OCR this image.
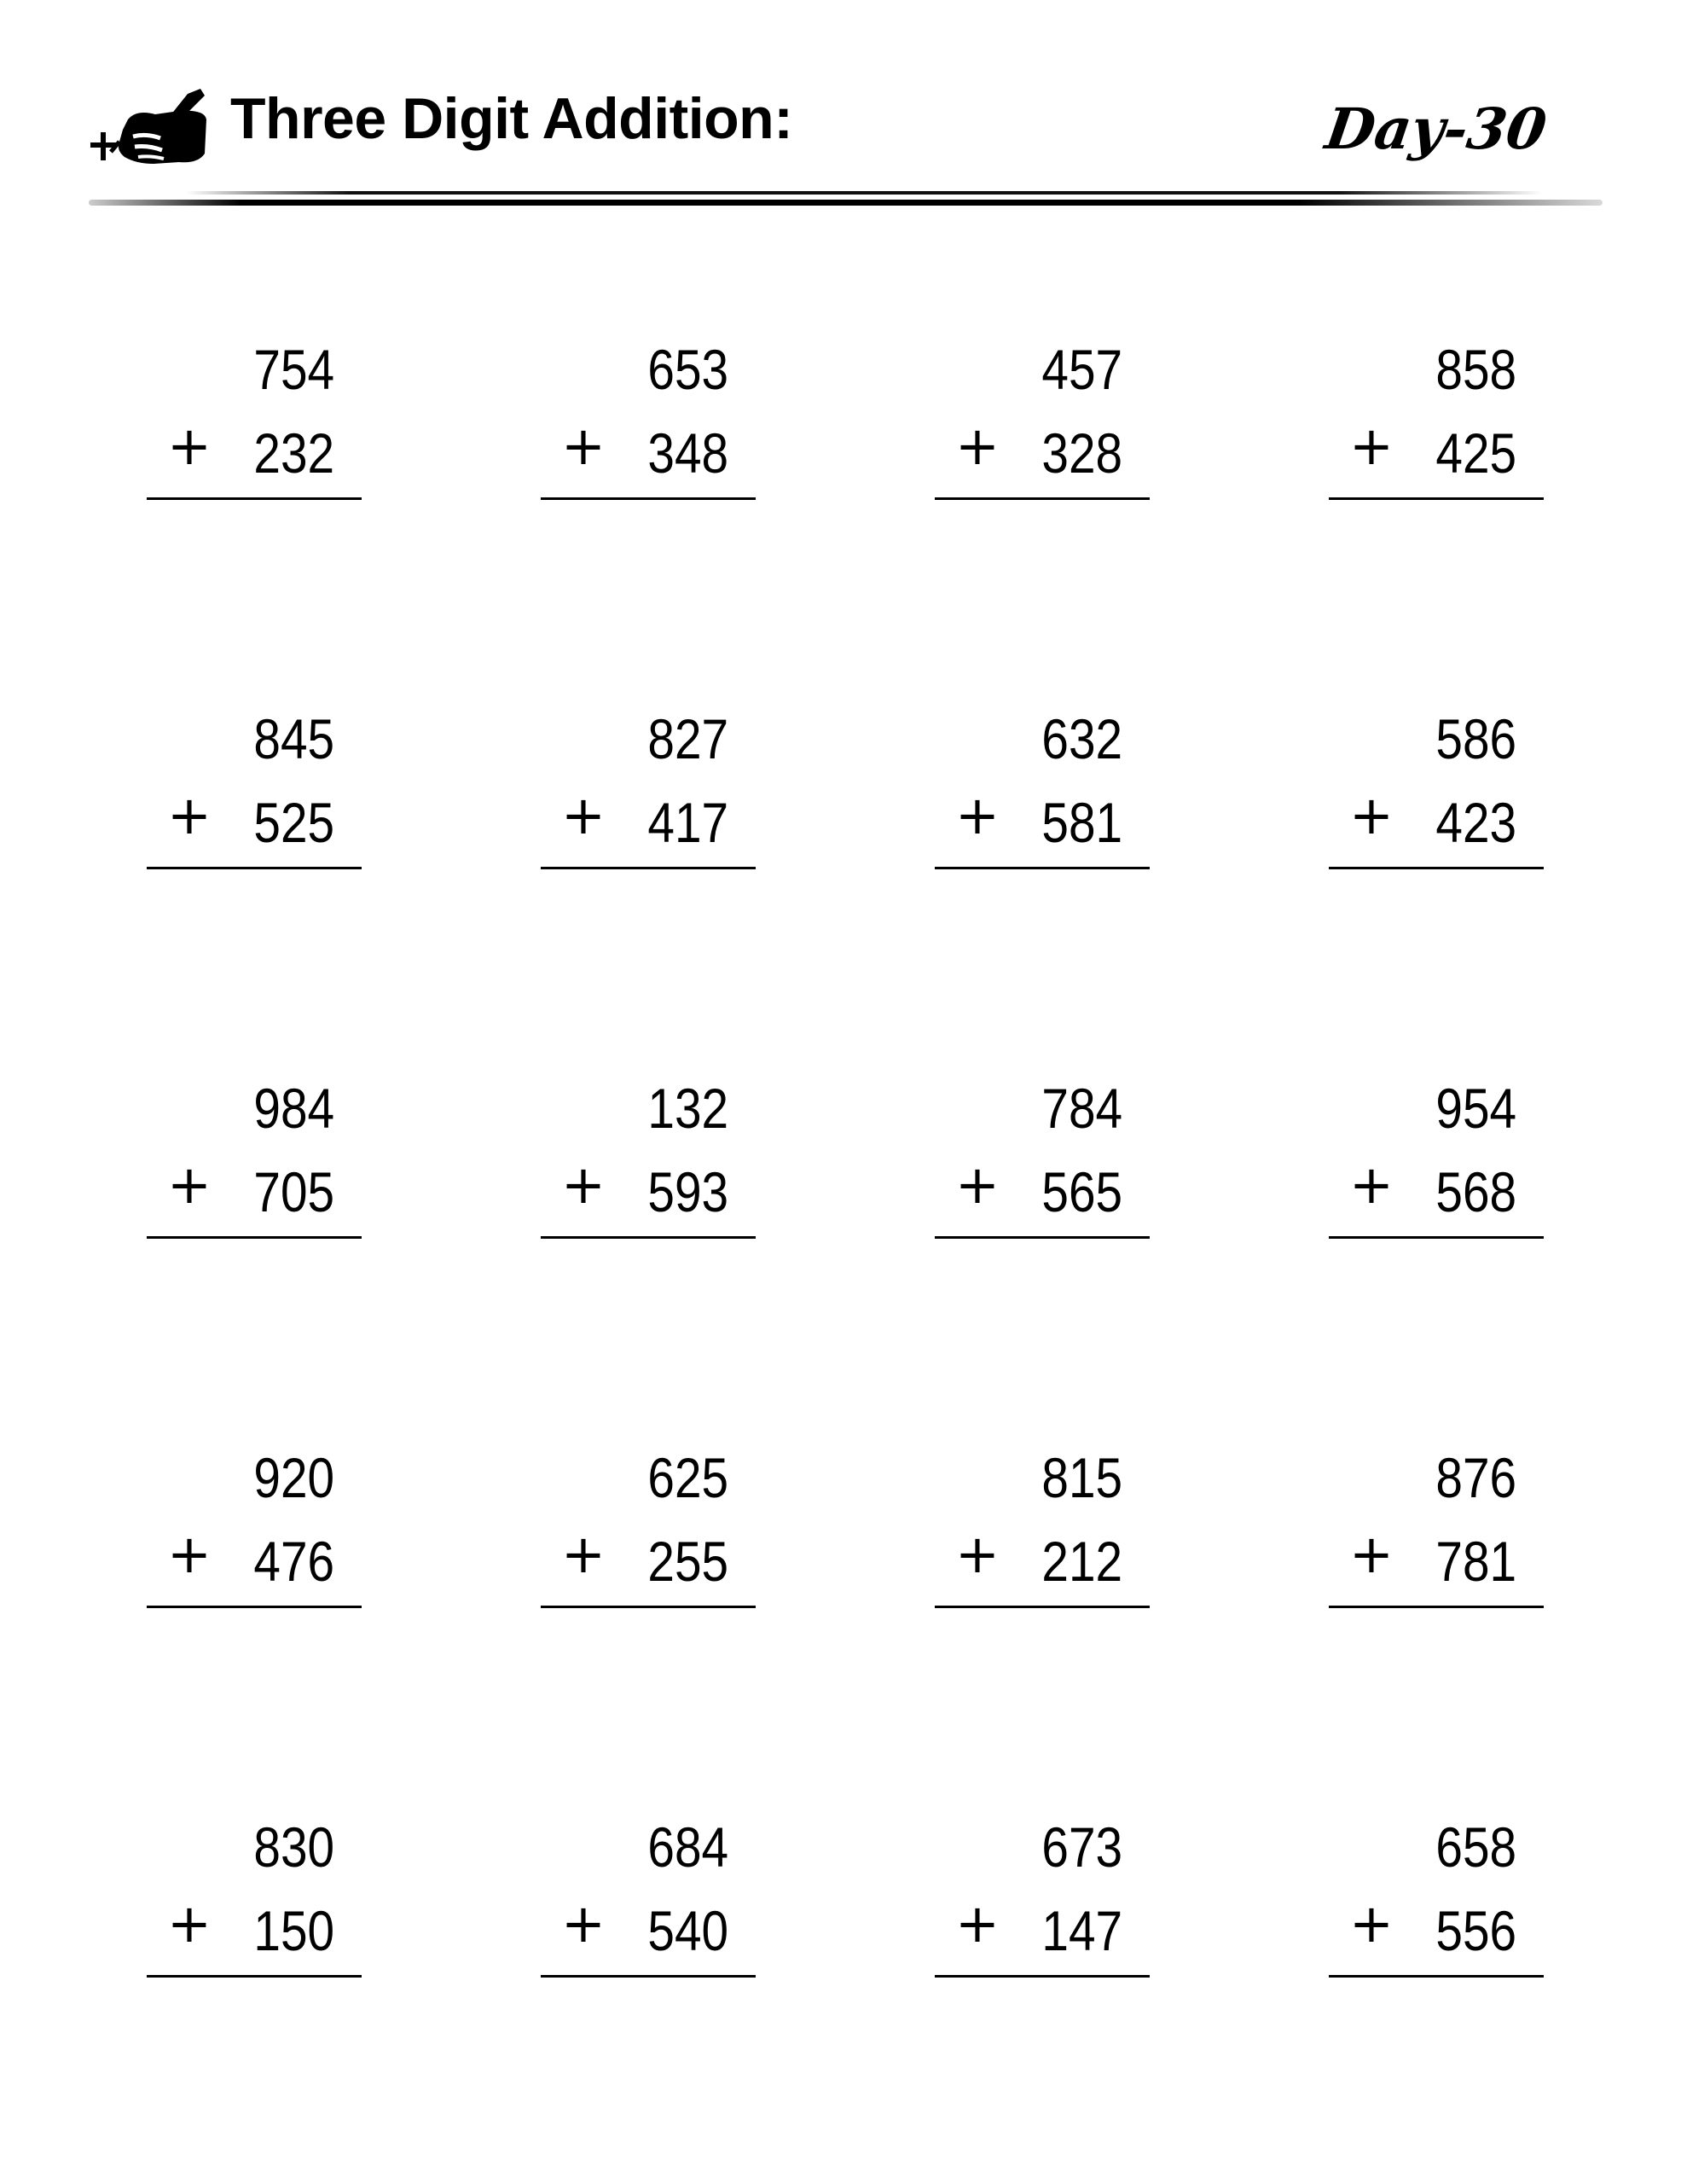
Three Digit Addition:	Day-30
754
+ 232
653
+ 348
457
+ 328
858
+ 425
845
+ 525
827
+ 417
632
+ 581
586
+ 423
984
+ 705
132
+ 593
784
+ 565
954
+ 568
920
+ 476
625
+ 255
815
+ 212
876
+ 781
830
+ 150
684
+ 540
673
+ 147
658
+ 556
